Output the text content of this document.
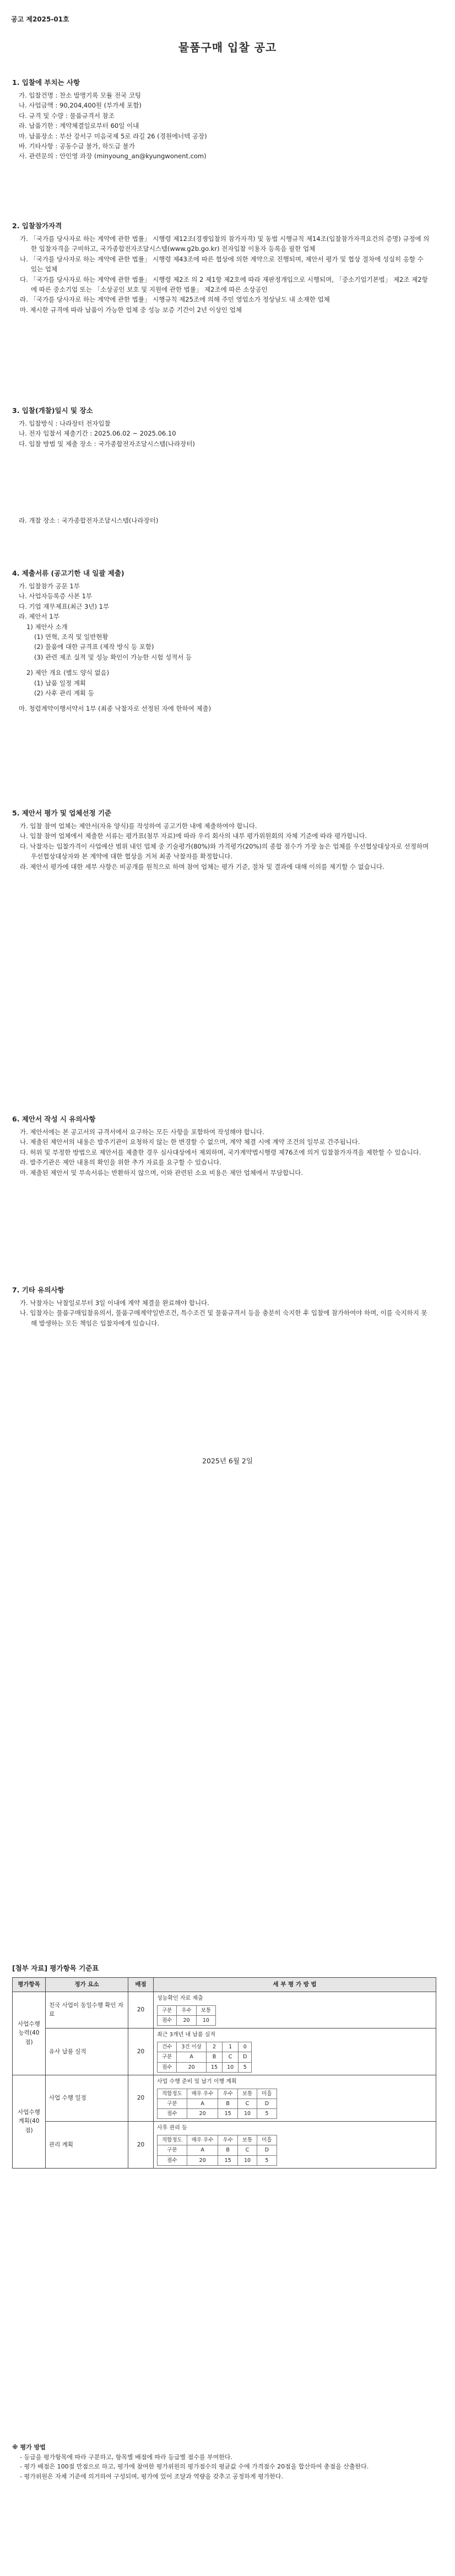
공고 제2025-01호
물품구매 입찰 공고
1. 입찰에 부치는 사항
가. 입찰건명 : 찬소 발명기록 모듈 전국 코팅
나. 사업금액 : 90,204,400원 (부가세 포함)
다. 규격 및 수량 : 물품규격서 참조
라. 납품기한 : 계약체결일로부터 60일 이내
마. 납품장소 : 부산 강서구 미음국제 5로 라길 26 (경원에너텍 공장)
바. 기타사항 : 공동수급 불가, 하도급 불가
사. 관련문의 : 안인영 과장 (minyoung_an@kyungwonent.com)
2. 입찰참가자격
가. 「국가를 당사자로 하는 계약에 관한 법률」 시행령 제12조(경쟁입찰의 참가자격) 및 동법 시행규칙 제14조(입찰참가자격요건의 증명) 규정에 의한 입찰자격을 구비하고, 국가종합전자조달시스템(www.g2b.go.kr) 전자입찰 이용자 등록을 필한 업체
나. 「국가를 당사자로 하는 계약에 관한 법률」 시행령 제43조에 따른 협상에 의한 계약으로 진행되며, 제안서 평가 및 협상 절차에 성실히 응할 수 있는 업체
다. 「국가를 당사자로 하는 계약에 관한 법률」 시행령 제2조 의 2 제1항 제2호에 따라 재판정개입으로 시행되며, 「중소기업기본법」 제2조 제2항에 따른 중소기업 또는 「소상공인 보호 및 지원에 관한 법률」 제2조에 따른 소상공인
라. 「국가를 당사자로 하는 계약에 관한 법률」 시행규칙 제25조에 의해 주민 영업소가 정상남도 내 소재한 업체
마. 제시한 규격에 따라 납품이 가능한 업체 중 성능 보증 기간이 2년 이상인 업체
3. 입찰(개찰)일시 및 장소
가. 입찰방식 : 나라장터 전자입찰
나. 전자 입찰서 제출기간 : 2025.06.02 ~ 2025.06.10
다. 입찰 방법 및 제출 장소 : 국가종합전자조달시스템(나라장터)
라. 개찰 장소 : 국가종합전자조달시스템(나라장터)
4. 제출서류 (공고기한 내 일괄 제출)
가. 입찰참가 공문 1부
나. 사업자등록증 사본 1부
다. 기업 재무제표(최근 3년) 1부
라. 제안서 1부
1) 제안사 소개
(1) 연혁, 조직 및 일반현황
(2) 물품에 대한 규격표 (제작 방식 등 포함)
(3) 관련 제조 실적 및 성능 확인이 가능한 시험 성적서 등
2) 제안 개요 (별도 양식 없음)
(1) 납품 일정 계획
(2) 사후 관리 계획 등
마. 청렴계약이행서약서 1부 (최종 낙찰자로 선정된 자에 한하여 제출)
5. 제안서 평가 및 업체선정 기준
가. 입찰 참여 업체는 제안서(자유 양식)를 작성하여 공고기한 내에 제출하여야 합니다.
나. 입찰 참여 업체에서 제출한 서류는 평가표(첨부 자료)에 따라 우리 회사의 내부 평가위원회의 자체 기준에 따라 평가합니다.
다. 낙찰자는 입찰가격이 사업예산 범위 내인 업체 중 기술평가(80%)와 가격평가(20%)의 종합 점수가 가장 높은 업체를 우선협상대상자로 선정하며 우선협상대상자와 본 계약에 대한 협상을 거쳐 최종 낙찰자를 확정합니다.
라. 제안서 평가에 대한 세부 사항은 비공개를 원칙으로 하며 참여 업체는 평가 기준, 절차 및 결과에 대해 이의를 제기할 수 없습니다.
6. 제안서 작성 시 유의사항
가. 제안서에는 본 공고서의 규격서에서 요구하는 모든 사항을 포함하여 작성해야 합니다.
나. 제출된 제안서의 내용은 발주기관이 요청하지 않는 한 변경할 수 없으며, 계약 체결 시에 계약 조건의 일부로 간주됩니다.
다. 허위 및 부정한 방법으로 제안서를 제출한 경우 심사대상에서 제외하며, 국가계약법시행령 제76조에 의거 입찰참가자격을 제한할 수 있습니다.
라. 발주기관은 제안 내용의 확인을 위한 추가 자료를 요구할 수 있습니다.
마. 제출된 제안서 및 부속서류는 반환하지 않으며, 이와 관련된 소요 비용은 제안 업체에서 부담합니다.
7. 기타 유의사항
가. 낙찰자는 낙찰일로부터 3일 이내에 계약 체결을 완료해야 합니다.
나. 입찰자는 물품구매입찰유의서, 물품구매계약일반조건, 특수조건 및 물품규격서 등을 충분히 숙지한 후 입찰에 참가하여야 하며, 이를 숙지하지 못해 발생하는 모든 책임은 입찰자에게 있습니다.
2025년 6월 2일
[첨부 자료] 평가항목 기준표
평가항목	정가 요소	배점	세 부 평 가 방 법
사업수행능력(40점)	친국 사업이 동일수행 확인 자료	20	
성능확인 자료 제출
구분	우수	보통
점수	20	10

유사 납품 실적	20	
최근 3개년 내 납품 실적
건수	3건 이상	2	1	0
구분	A	B	C	D
점수	20	15	10	5

사업수행계획(40점)	사업 수행 일정	20	
사업 수행 준비 및 납기 이행 계획
적합정도	매우 우수	우수	보통	미흡
구분	A	B	C	D
점수	20	15	10	5

관리 계획	20	
사후 관리 등
적합정도	매우 우수	우수	보통	미흡
구분	A	B	C	D
점수	20	15	10	5
※ 평가 방법
- 등급을 평가항목에 따라 구분하고, 항목별 배점에 따라 등급별 점수를 부여한다.
- 평가 배점은 100점 만점으로 하고, 평가에 참여한 평가위원의 평가점수의 평균값 수에 가격점수 20점을 합산하여 총점을 산출한다.
- 평가위원은 자체 기준에 의거하여 구성되며, 평가에 있어 조달과 역량을 갖추고 공정하게 평가한다.
